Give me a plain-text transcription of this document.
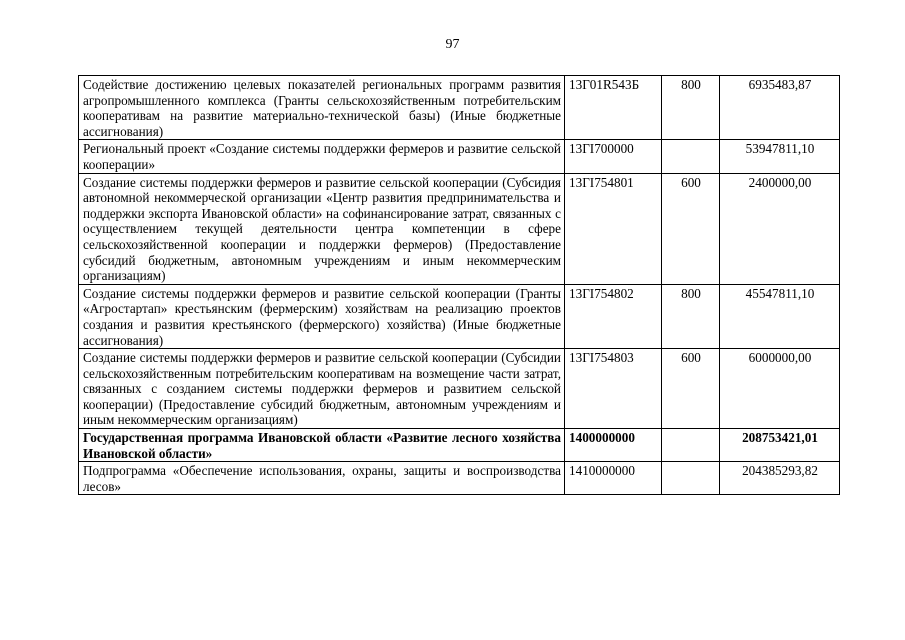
97
Содействие достижению целевых показателей региональных программ развития агропромышленного комплекса (Гранты сельскохозяйственным потребительским кооперативам на развитие материально-технической базы) (Иные бюджетные ассигнования)	13Г01R543Б	800	6935483,87
Региональный проект «Создание системы поддержки фермеров и развитие сельской кооперации»	13ГI700000		53947811,10
Создание системы поддержки фермеров и развитие сельской кооперации (Субсидия автономной некоммерческой организации «Центр развития предпринимательства и поддержки экспорта Ивановской области» на софинансирование затрат, связанных с осуществлением текущей деятельности центра компетенции в сфере сельскохозяйственной кооперации и поддержки фермеров) (Предоставление субсидий бюджетным, автономным учреждениям и иным некоммерческим организациям)	13ГI754801	600	2400000,00
Создание системы поддержки фермеров и развитие сельской кооперации (Гранты «Агростартап» крестьянским (фермерским) хозяйствам на реализацию проектов создания и развития крестьянского (фермерского) хозяйства) (Иные бюджетные ассигнования)	13ГI754802	800	45547811,10
Создание системы поддержки фермеров и развитие сельской кооперации (Субсидии сельскохозяйственным потребительским кооперативам на возмещение части затрат, связанных с созданием системы поддержки фермеров и развитием сельской кооперации) (Предоставление субсидий бюджетным, автономным учреждениям и иным некоммерческим организациям)	13ГI754803	600	6000000,00
Государственная программа Ивановской области «Развитие лесного хозяйства Ивановской области»	1400000000		208753421,01
Подпрограмма «Обеспечение использования, охраны, защиты и воспроизводства лесов»	1410000000		204385293,82
